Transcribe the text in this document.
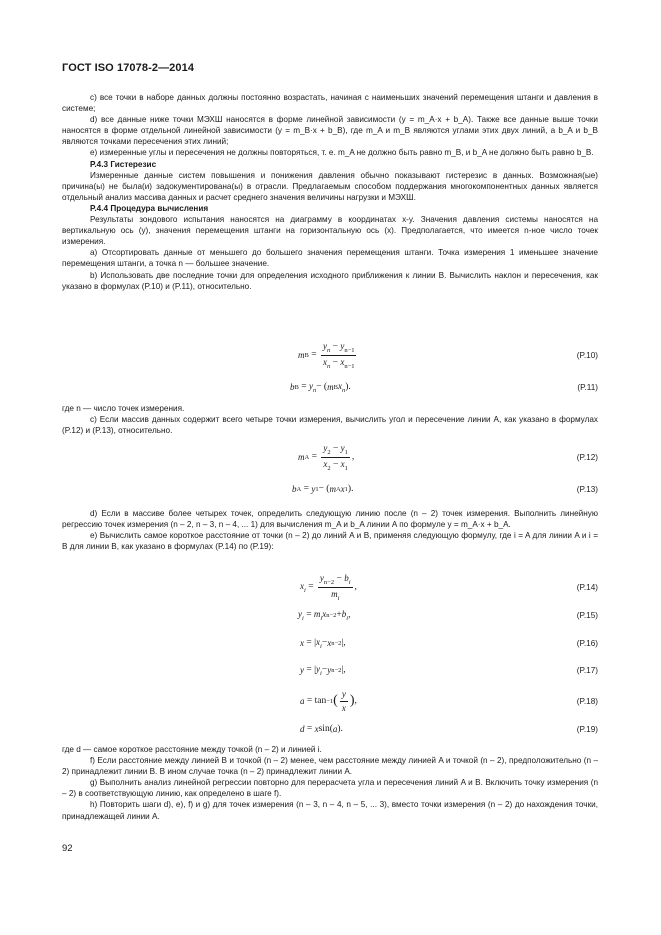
ГОСТ ISO 17078-2—2014

c) все точки в наборе данных должны постоянно возрастать, начиная с наименьших значений перемещения штанги и давления в системе;

d) все данные ниже точки МЭХШ наносятся в форме линейной зависимости (y = m_A·x + b_A). Также все данные выше точки наносятся в форме отдельной линейной зависимости (y = m_B·x + b_B), где m_A и m_B являются углами этих двух линий, а b_A и b_B являются точками пересечения этих линий;

e) измеренные углы и пересечения не должны повторяться, т. е. m_A не должно быть равно m_B, и b_A не должно быть равно b_B.

P.4.3 Гистерезис

Измеренные данные систем повышения и понижения давления обычно показывают гистерезис в данных. Возможная(ые) причина(ы) не была(и) задокументирована(ы) в отрасли. Предлагаемым способом поддержания многокомпонентных данных является отдельный анализ массива данных и расчет среднего значения величины нагрузки и МЭХШ.

P.4.4 Процедура вычисления

Результаты зондового испытания наносятся на диаграмму в координатах x-y. Значения давления системы наносятся на вертикальную ось (y), значения перемещения штанги на горизонтальную ось (x). Предполагается, что имеется n-ное число точек измерения.

a) Отсортировать данные от меньшего до большего значения перемещения штанги. Точка измерения 1 именьшее значение перемещения штанги, а точка n — большее значение.

b) Использовать две последние точки для определения исходного приближения к линии B. Вычислить наклон и пересечения, как указано в формулах (P.10) и (P.11), относительно.

m $B = \frac{y_n - y_{n-1}}{x_n - x_{n-1}}$	(P.10)
b $B = y_n$ − ( m B $x_n$ ).	(P.11)

где n — число точек измерения.

c) Если массив данных содержит всего четыре точки измерения, вычислить угол и пересечение линии A, как указано в формулах (P.12) и (P.13), относительно.

m $A = \frac{y_2 - y_1}{x_2 - x_1}$ ,	(P.12)
b A = y 1 − ( m A x 1 ).	(P.13)

d) Если в массиве более четырех точек, определить следующую линию после (n – 2) точек измерения. Выполнить линейную регрессию точек измерения (n – 2, n – 3, n – 4, ... 1) для вычисления m_A и b_A линии A по формуле y = m_A·x + b_A.

e) Вычислить самое короткое расстояние от точки (n – 2) до линий A и B, применяя следующую формулу, где i = A для линии A и i = B для линии B, как указано в формулах (P.14) по (P.19):

$x_i = \frac{y_{n-2} - b_i}{m_i}$ ,	(P.14)
$y_i = m_ix$ $n-2 + b_i$ ,	(P.15)
x = | $x_i - x$ n−2 |,	(P.16)
y = | $y_i - y$ n−2 |,	(P.17)
a = tan −1 ( $\frac{y}{x}$ ) ,	(P.18)
d = x sin( a ).	(P.19)

где d — самое короткое расстояние между точкой (n – 2) и линией i.

f) Если расстояние между линией B и точкой (n – 2) менее, чем расстояние между линией A и точкой (n – 2), предположительно (n – 2) принадлежит линии B. В ином случае точка (n – 2) принадлежит линии A.

g) Выполнить анализ линейной регрессии повторно для перерасчета угла и пересечения линий A и B. Включить точку измерения (n – 2) в соответствующую линию, как определено в шаге f).

h) Повторить шаги d), e), f) и g) для точек измерения (n – 3, n – 4, n – 5, ... 3), вместо точки измерения (n – 2) до нахождения точки, принадлежащей линии A.

92
